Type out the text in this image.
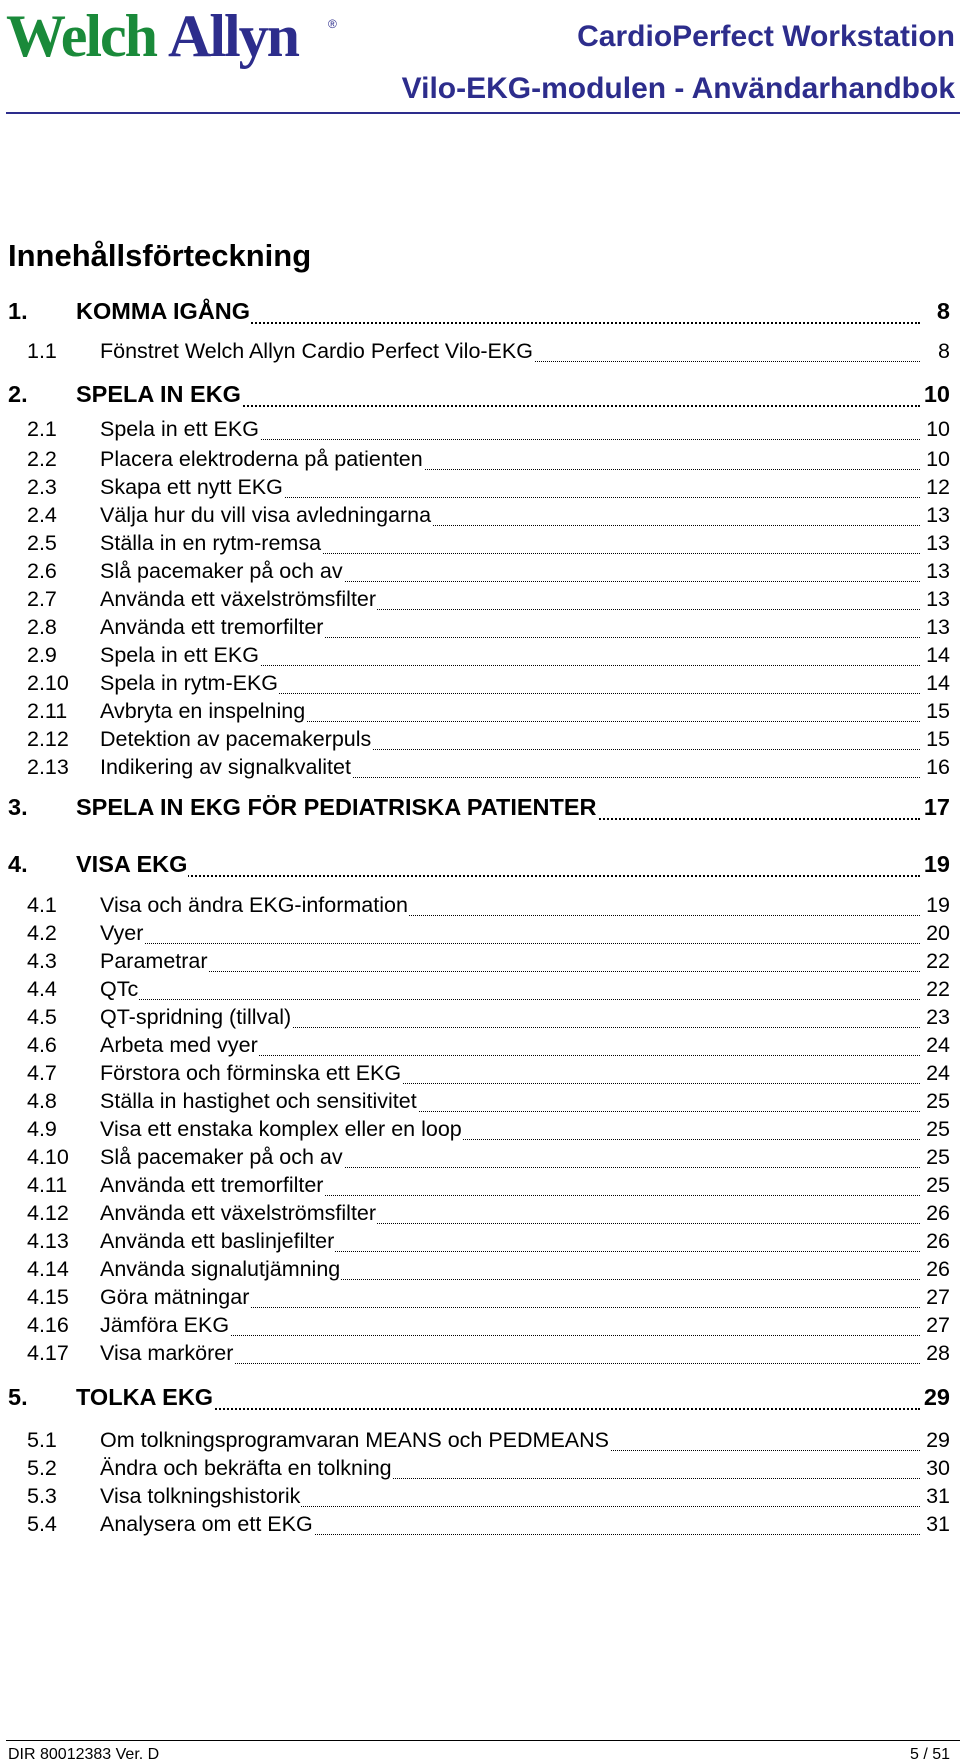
Welch Allyn ®	CardioPerfect Workstation
Vilo-EKG-modulen - Användarhandbok
Innehållsförteckning
1. KOMMA IGÅNG	8
1.1 Fönstret Welch Allyn Cardio Perfect Vilo-EKG	8
2. SPELA IN EKG	10
2.1 Spela in ett EKG	10
2.2 Placera elektroderna på patienten	10
2.3 Skapa ett nytt EKG	12
2.4 Välja hur du vill visa avledningarna	13
2.5 Ställa in en rytm-remsa	13
2.6 Slå pacemaker på och av	13
2.7 Använda ett växelströmsfilter	13
2.8 Använda ett tremorfilter	13
2.9 Spela in ett EKG	14
2.10 Spela in rytm-EKG	14
2.11 Avbryta en inspelning	15
2.12 Detektion av pacemakerpuls	15
2.13 Indikering av signalkvalitet	16
3. SPELA IN EKG FÖR PEDIATRISKA PATIENTER	17
4. VISA EKG	19
4.1 Visa och ändra EKG-information	19
4.2 Vyer	20
4.3 Parametrar	22
4.4 QTc	22
4.5 QT-spridning (tillval)	23
4.6 Arbeta med vyer	24
4.7 Förstora och förminska ett EKG	24
4.8 Ställa in hastighet och sensitivitet	25
4.9 Visa ett enstaka komplex eller en loop	25
4.10 Slå pacemaker på och av	25
4.11 Använda ett tremorfilter	25
4.12 Använda ett växelströmsfilter	26
4.13 Använda ett baslinjefilter	26
4.14 Använda signalutjämning	26
4.15 Göra mätningar	27
4.16 Jämföra EKG	27
4.17 Visa markörer	28
5. TOLKA EKG	29
5.1 Om tolkningsprogramvaran MEANS och PEDMEANS	29
5.2 Ändra och bekräfta en tolkning	30
5.3 Visa tolkningshistorik	31
5.4 Analysera om ett EKG	31
DIR 80012383 Ver. D	5 / 51
